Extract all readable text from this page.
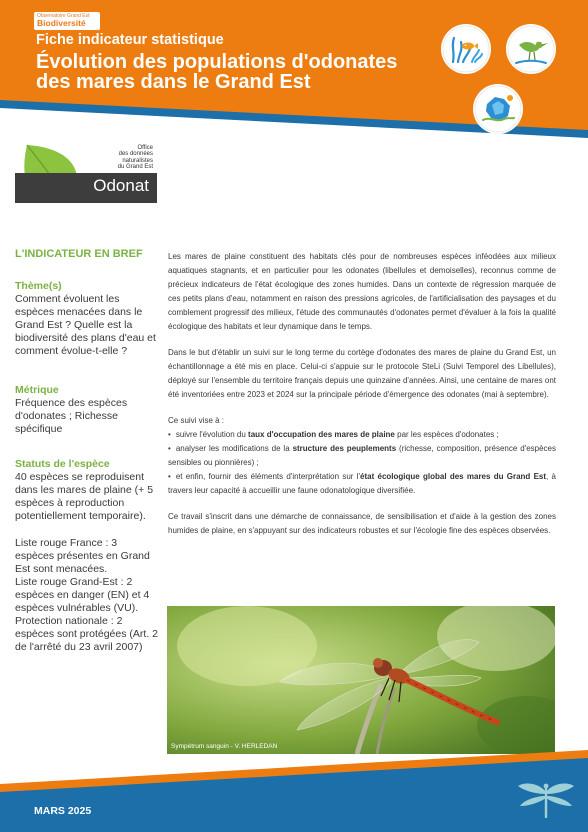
Observatoire Grand Est
Biodiversité
Fiche indicateur statistique
Évolution des populations d'odonates des mares dans le Grand Est
Office
des données
naturalistes
du Grand Est
Odonat
L'INDICATEUR EN BREF
Thème(s)

Comment évoluent les espèces menacées dans le Grand Est ? Quelle est la biodiversité des plans d'eau et comment évolue-t-elle ?

Métrique

Fréquence des espèces d'odonates ; Richesse spécifique

Statuts de l'espèce

40 espèces se reproduisent dans les mares de plaine (+ 5 espèces à reproduction potentiellement temporaire).

Liste rouge France : 3 espèces présentes en Grand Est sont menacées.

Liste rouge Grand-Est : 2 espèces en danger (EN) et 4 espèces vulnérables (VU).

Protection nationale : 2 espèces sont protégées (Art. 2 de l'arrêté du 23 avril 2007)

Les mares de plaine constituent des habitats clés pour de nombreuses espèces inféodées aux milieux aquatiques stagnants, et en particulier pour les odonates (libellules et demoiselles), reconnus comme de précieux indicateurs de l'état écologique des zones humides. Dans un contexte de régression marquée de ces petits plans d'eau, notamment en raison des pressions agricoles, de l'artificialisation des paysages et du comblement progressif des milieux, l'étude des communautés d'odonates permet d'évaluer à la fois la qualité écologique des habitats et leur dynamique dans le temps.

Dans le but d'établir un suivi sur le long terme du cortège d'odonates des mares de plaine du Grand Est, un échantillonnage a été mis en place. Celui-ci s'appuie sur le protocole SteLi (Suivi Temporel des Libellules), déployé sur l'ensemble du territoire français depuis une quinzaine d'années. Ainsi, une centaine de mares ont été inventoriées entre 2023 et 2024 sur la principale période d'émergence des odonates (mai à septembre).

Ce suivi vise à :
• suivre l'évolution du taux d'occupation des mares de plaine par les espèces d'odonates ;
• analyser les modifications de la structure des peuplements (richesse, composition, présence d'espèces sensibles ou pionnières) ;
• et enfin, fournir des éléments d'interprétation sur l'état écologique global des mares du Grand Est, à travers leur capacité à accueillir une faune odonatologique diversifiée.

Ce travail s'inscrit dans une démarche de connaissance, de sensibilisation et d'aide à la gestion des zones humides de plaine, en s'appuyant sur des indicateurs robustes et sur l'écologie fine des espèces observées.

Sympétrum sanguin - V. HERLEDAN
MARS 2025
